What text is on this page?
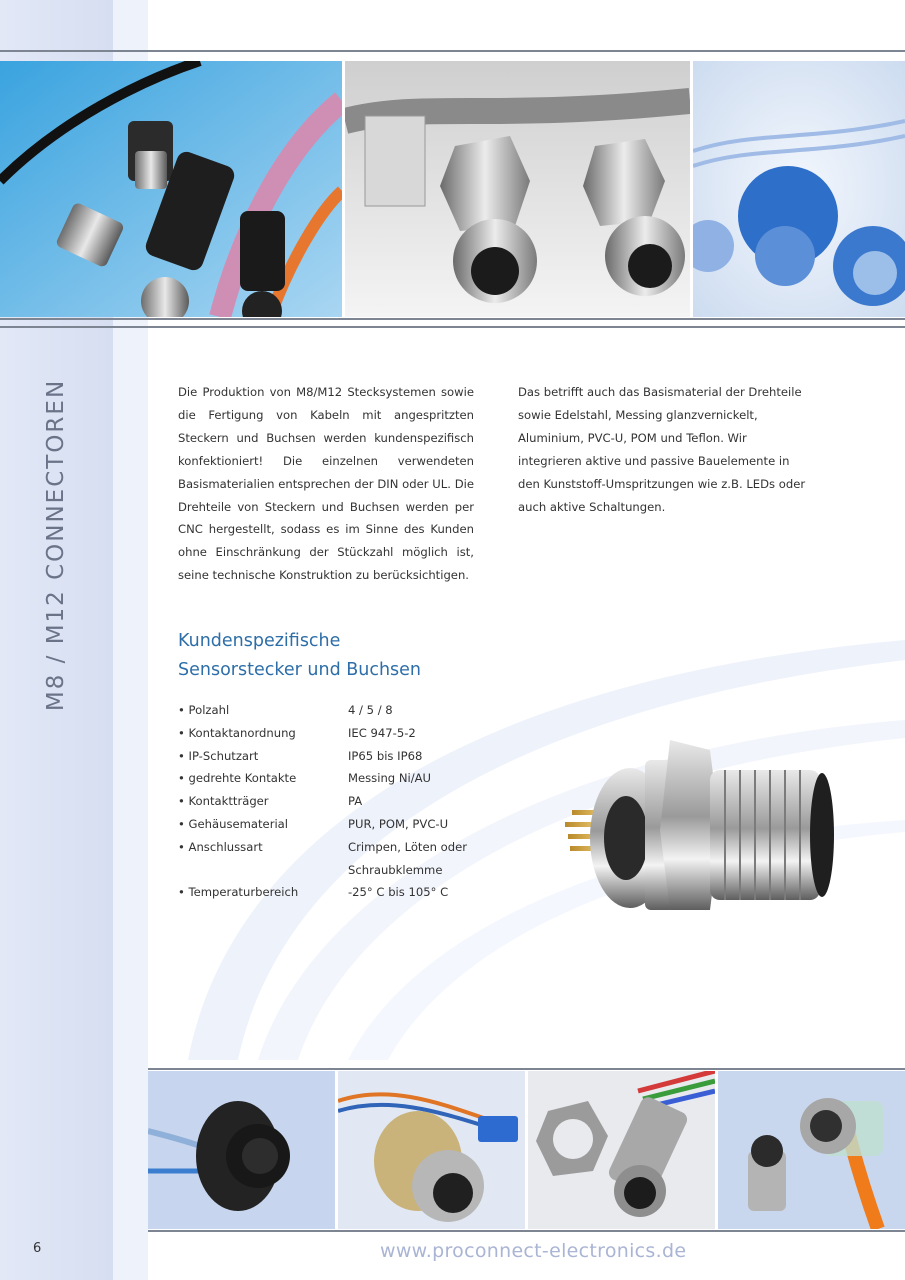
M8 / M12 CONNECTOREN	Die Produktion von M8/M12 Stecksystemen sowie die Fertigung von Kabeln mit angespritzten Steckern und Buchsen werden kundenspezifisch konfektioniert! Die einzelnen verwendeten Basismaterialien entsprechen der DIN oder UL. Die Drehteile von Steckern und Buchsen werden per CNC hergestellt, sodass es im Sinne des Kunden ohne Einschränkung der Stückzahl möglich ist, seine technische Konstruktion zu berücksichtigen.

Das betrifft auch das Basismaterial der Drehteile sowie Edelstahl, Messing glanzvernickelt, Aluminium, PVC-U, POM und Teflon. Wir integrieren aktive und passive Bauelemente in den Kunststoff-Umspritzungen wie z.B. LEDs oder auch aktive Schaltungen.

Kundenspezifische
Sensorstecker und Buchsen
• Polzahl	4 / 5 / 8
• Kontaktanordnung	IEC 947-5-2
• IP-Schutzart	IP65 bis IP68
• gedrehte Kontakte	Messing Ni/AU
• Kontaktträger	PA
• Gehäusematerial	PUR, POM, PVC-U
• Anschlussart	Crimpen, Löten oder Schraubklemme
• Temperaturbereich	-25° C bis 105° C
6	www.proconnect-electronics.de
